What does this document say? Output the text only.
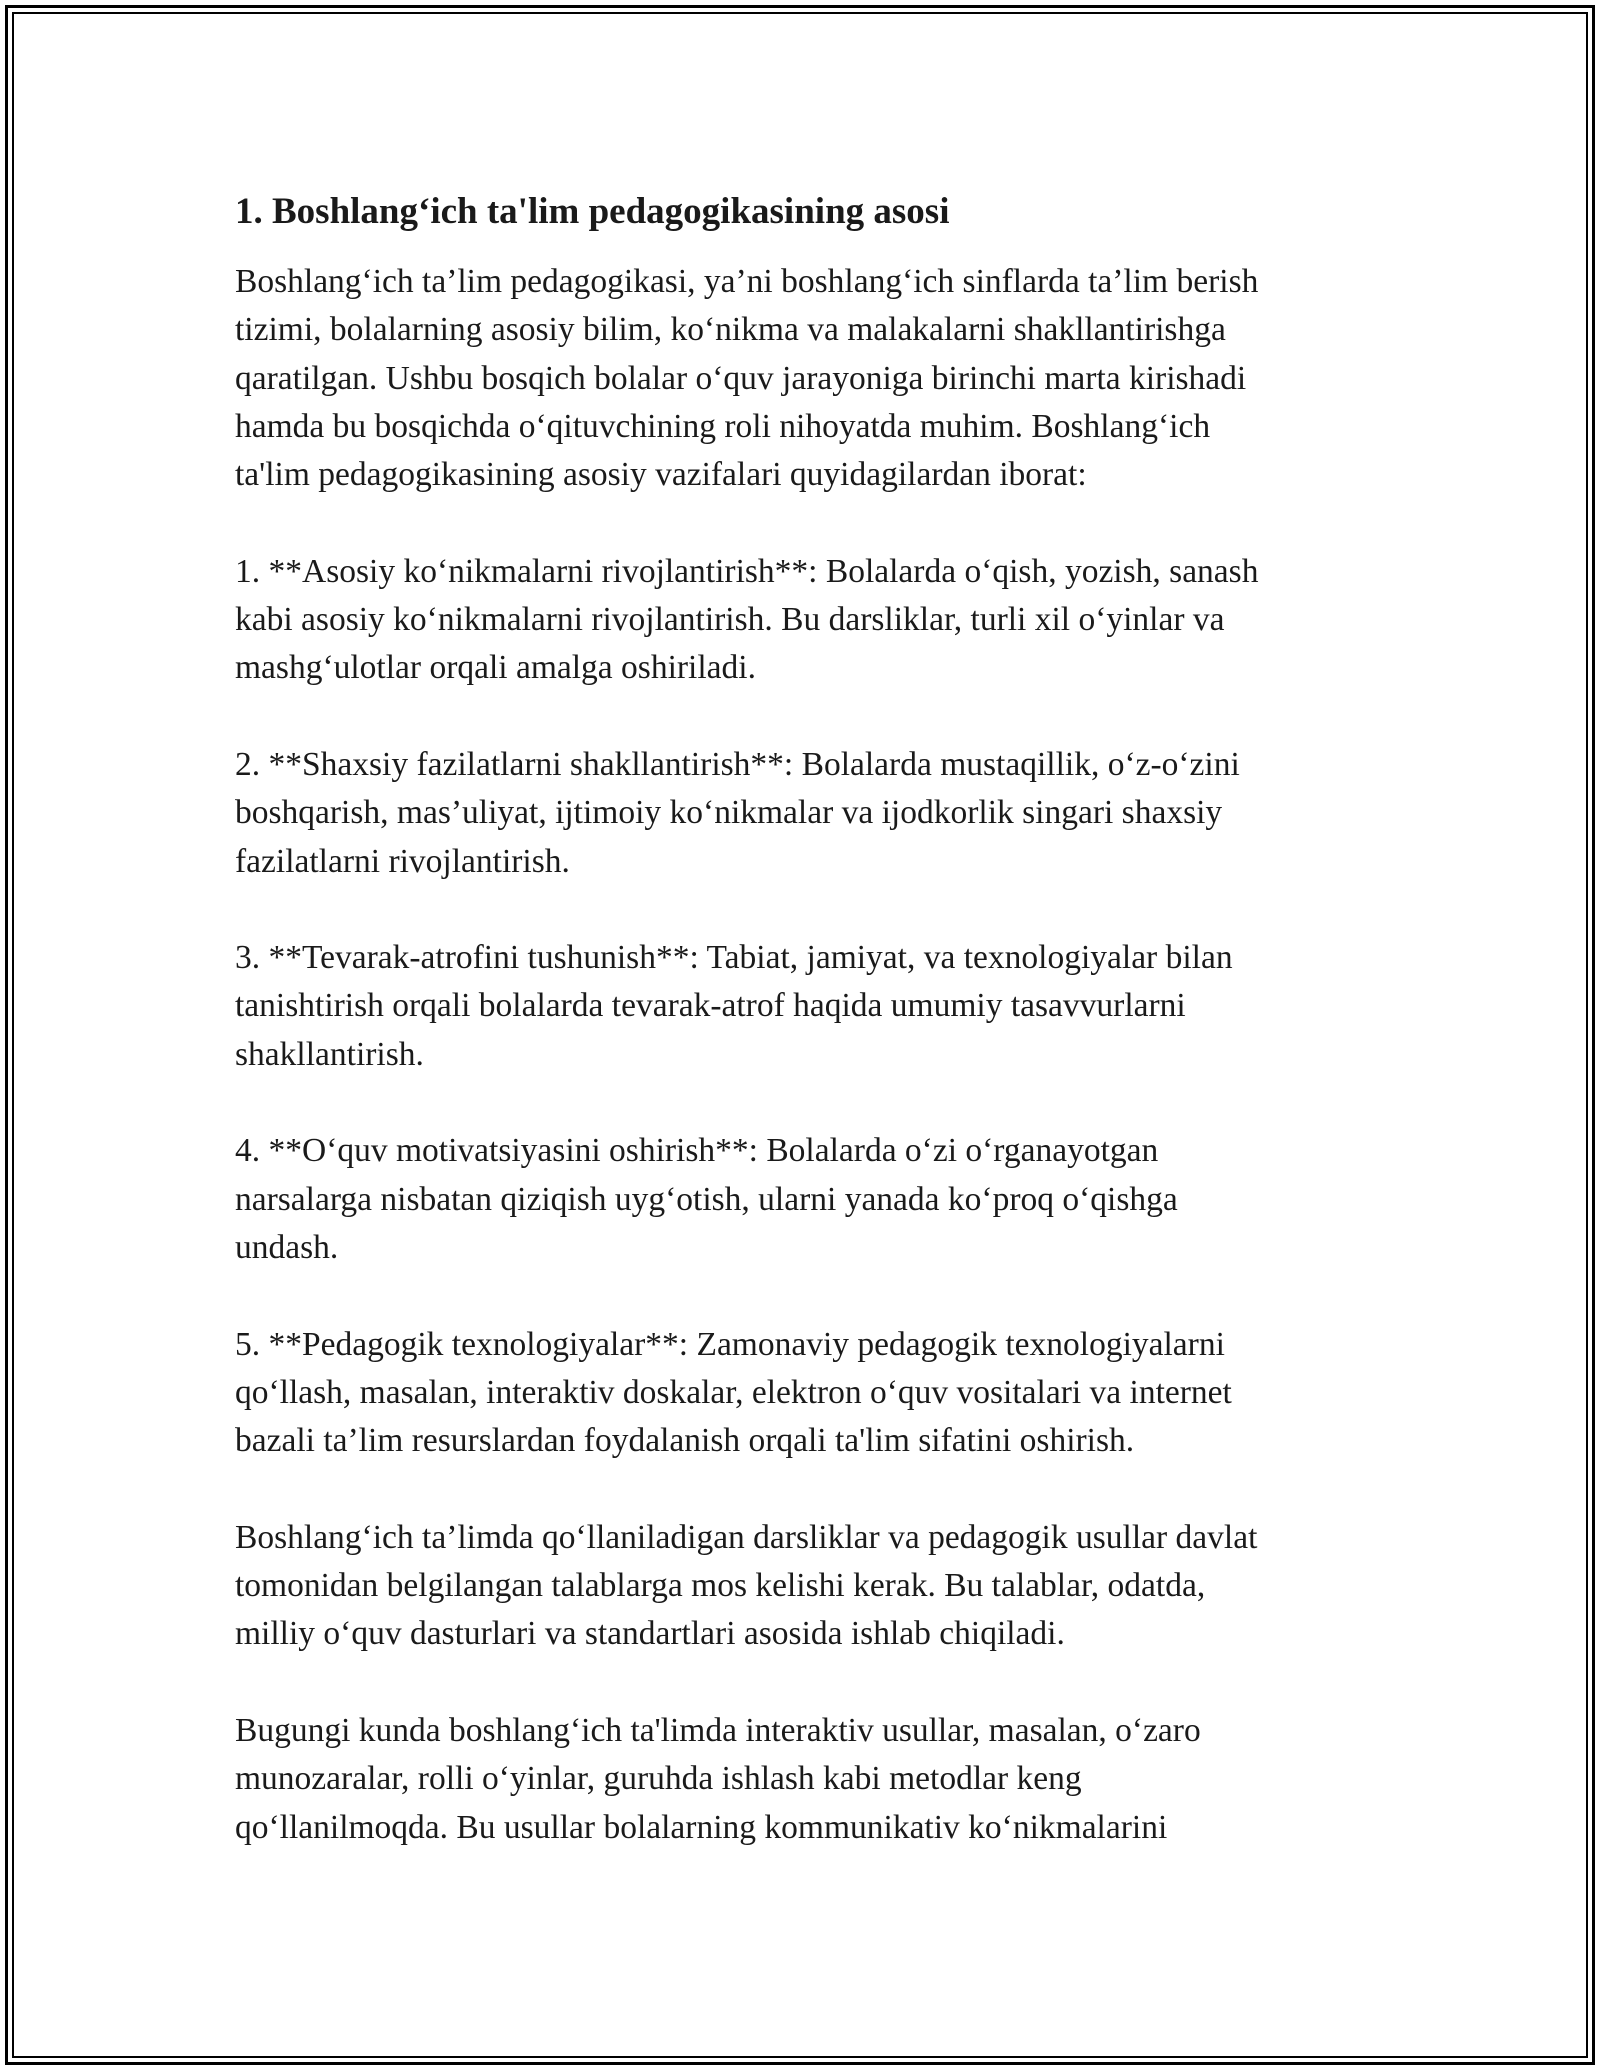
1. Boshlang‘ich ta'lim pedagogikasining asosi
Boshlang‘ich ta’lim pedagogikasi, ya’ni boshlang‘ich sinflarda ta’lim berish
tizimi, bolalarning asosiy bilim, ko‘nikma va malakalarni shakllantirishga
qaratilgan. Ushbu bosqich bolalar o‘quv jarayoniga birinchi marta kirishadi
hamda bu bosqichda o‘qituvchining roli nihoyatda muhim. Boshlang‘ich
ta'lim pedagogikasining asosiy vazifalari quyidagilardan iborat:
1. **Asosiy ko‘nikmalarni rivojlantirish**: Bolalarda o‘qish, yozish, sanash
kabi asosiy ko‘nikmalarni rivojlantirish. Bu darsliklar, turli xil o‘yinlar va
mashg‘ulotlar orqali amalga oshiriladi.
2. **Shaxsiy fazilatlarni shakllantirish**: Bolalarda mustaqillik, o‘z-o‘zini
boshqarish, mas’uliyat, ijtimoiy ko‘nikmalar va ijodkorlik singari shaxsiy
fazilatlarni rivojlantirish.
3. **Tevarak-atrofini tushunish**: Tabiat, jamiyat, va texnologiyalar bilan
tanishtirish orqali bolalarda tevarak-atrof haqida umumiy tasavvurlarni
shakllantirish.
4. **O‘quv motivatsiyasini oshirish**: Bolalarda o‘zi o‘rganayotgan
narsalarga nisbatan qiziqish uyg‘otish, ularni yanada ko‘proq o‘qishga
undash.
5. **Pedagogik texnologiyalar**: Zamonaviy pedagogik texnologiyalarni
qo‘llash, masalan, interaktiv doskalar, elektron o‘quv vositalari va internet
bazali ta’lim resurslardan foydalanish orqali ta'lim sifatini oshirish.
Boshlang‘ich ta’limda qo‘llaniladigan darsliklar va pedagogik usullar davlat
tomonidan belgilangan talablarga mos kelishi kerak. Bu talablar, odatda,
milliy o‘quv dasturlari va standartlari asosida ishlab chiqiladi.
Bugungi kunda boshlang‘ich ta'limda interaktiv usullar, masalan, o‘zaro
munozaralar, rolli o‘yinlar, guruhda ishlash kabi metodlar keng
qo‘llanilmoqda. Bu usullar bolalarning kommunikativ ko‘nikmalarini
